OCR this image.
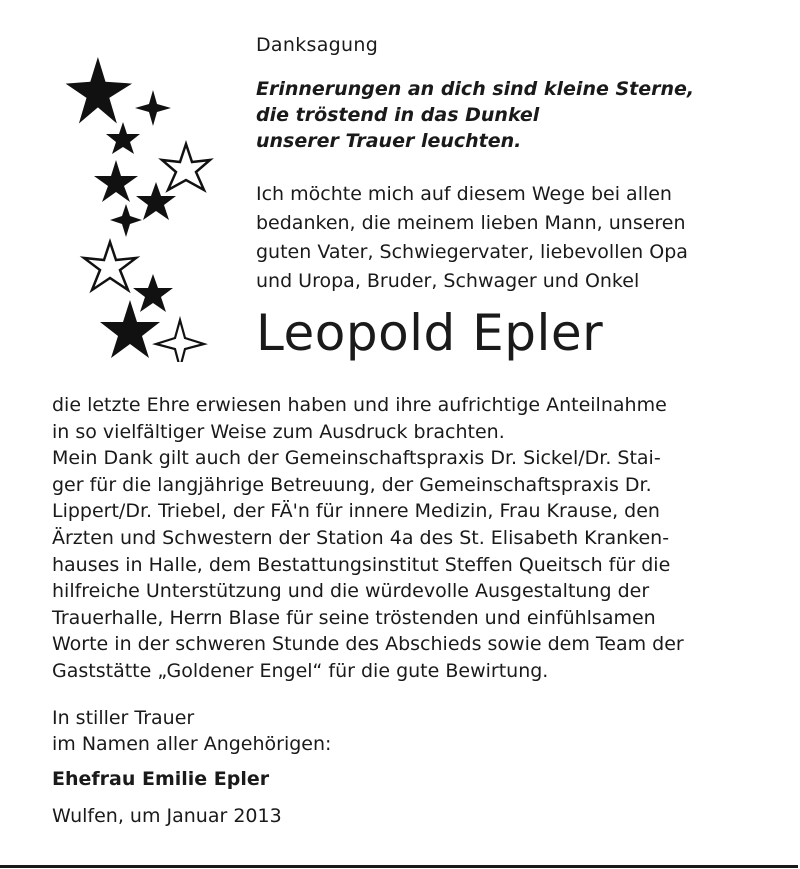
Danksagung
Erinnerungen an dich sind kleine Sterne,
die tröstend in das Dunkel
unserer Trauer leuchten.
Ich möchte mich auf diesem Wege bei allen
bedanken, die meinem lieben Mann, unseren
guten Vater, Schwiegervater, liebevollen Opa
und Uropa, Bruder, Schwager und Onkel
Leopold Epler
die letzte Ehre erwiesen haben und ihre aufrichtige Anteilnahme
in so vielfältiger Weise zum Ausdruck brachten.
Mein Dank gilt auch der Gemeinschaftspraxis Dr. Sickel/Dr. Stai-
ger für die langjährige Betreuung, der Gemeinschaftspraxis Dr.
Lippert/Dr. Triebel, der FÄ'n für innere Medizin, Frau Krause, den
Ärzten und Schwestern der Station 4a des St. Elisabeth Kranken-
hauses in Halle, dem Bestattungsinstitut Steffen Queitsch für die
hilfreiche Unterstützung und die würdevolle Ausgestaltung der
Trauerhalle, Herrn Blase für seine tröstenden und einfühlsamen
Worte in der schweren Stunde des Abschieds sowie dem Team der
Gaststätte „Goldener Engel“ für die gute Bewirtung.
In stiller Trauer
im Namen aller Angehörigen:
Ehefrau Emilie Epler
Wulfen, um Januar 2013
